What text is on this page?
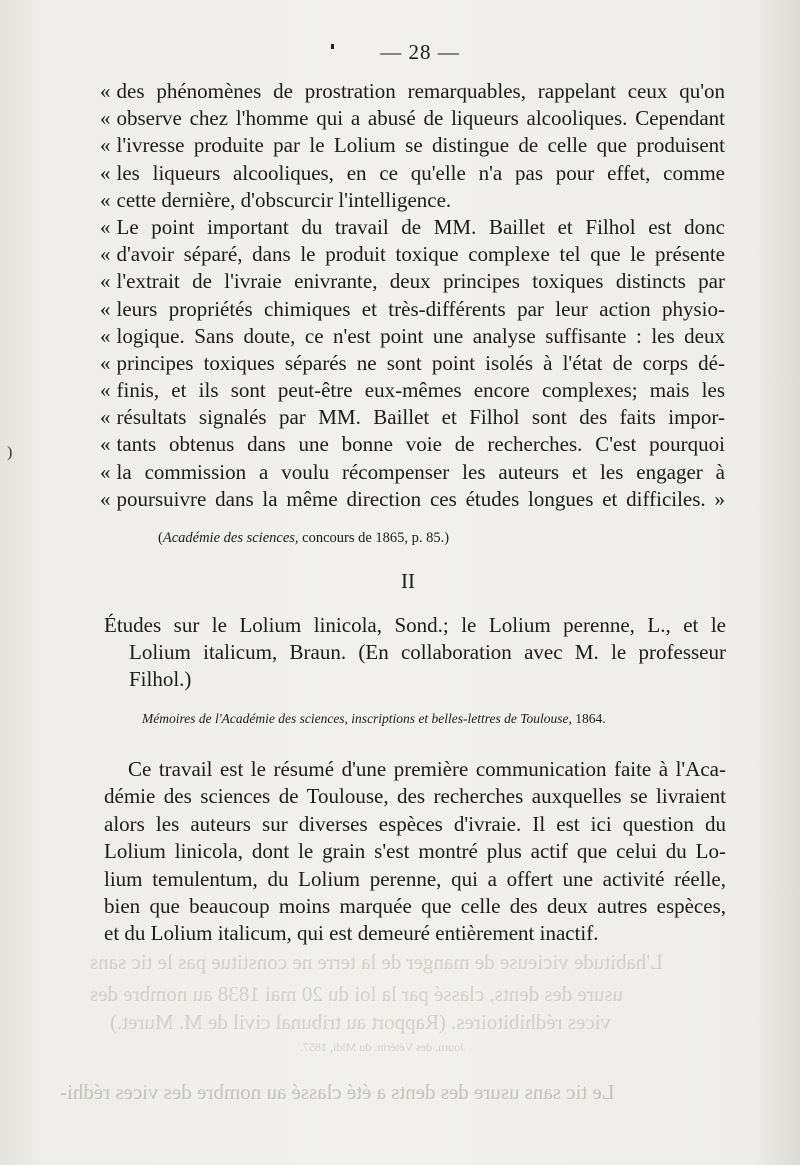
L'habitude vicieuse de manger de la terre ne constitue pas le tic sans
usure des dents, classé par la loi du 20 mai 1838 au nombre des
vices rédhibitoires. (Rapport au tribunal civil de M. Muret.)
Journ. des Vétérin. du Midi, 1857.
Le tic sans usure des dents a été classé au nombre des vices rédhi-
— 28 —
« des phénomènes de prostration remarquables, rappelant ceux qu'on
« observe chez l'homme qui a abusé de liqueurs alcooliques. Cependant
« l'ivresse produite par le Lolium se distingue de celle que produisent
« les liqueurs alcooliques, en ce qu'elle n'a pas pour effet, comme
« cette dernière, d'obscurcir l'intelligence.
« Le point important du travail de MM. Baillet et Filhol est donc
« d'avoir séparé, dans le produit toxique complexe tel que le présente
« l'extrait de l'ivraie enivrante, deux principes toxiques distincts par
« leurs propriétés chimiques et très-différents par leur action physio-
« logique. Sans doute, ce n'est point une analyse suffisante : les deux
« principes toxiques séparés ne sont point isolés à l'état de corps dé-
« finis, et ils sont peut-être eux-mêmes encore complexes; mais les
« résultats signalés par MM. Baillet et Filhol sont des faits impor-
« tants obtenus dans une bonne voie de recherches. C'est pourquoi
« la commission a voulu récompenser les auteurs et les engager à
« poursuivre dans la même direction ces études longues et difficiles. »
)
(Académie des sciences, concours de 1865, p. 85.)
II
Études sur le Lolium linicola, Sond.; le Lolium perenne, L., et le
Lolium italicum, Braun. (En collaboration avec M. le professeur
Filhol.)
Mémoires de l'Académie des sciences, inscriptions et belles-lettres de Toulouse, 1864.
Ce travail est le résumé d'une première communication faite à l'Aca-
démie des sciences de Toulouse, des recherches auxquelles se livraient
alors les auteurs sur diverses espèces d'ivraie. Il est ici question du
Lolium linicola, dont le grain s'est montré plus actif que celui du Lo-
lium temulentum, du Lolium perenne, qui a offert une activité réelle,
bien que beaucoup moins marquée que celle des deux autres espèces,
et du Lolium italicum, qui est demeuré entièrement inactif.
